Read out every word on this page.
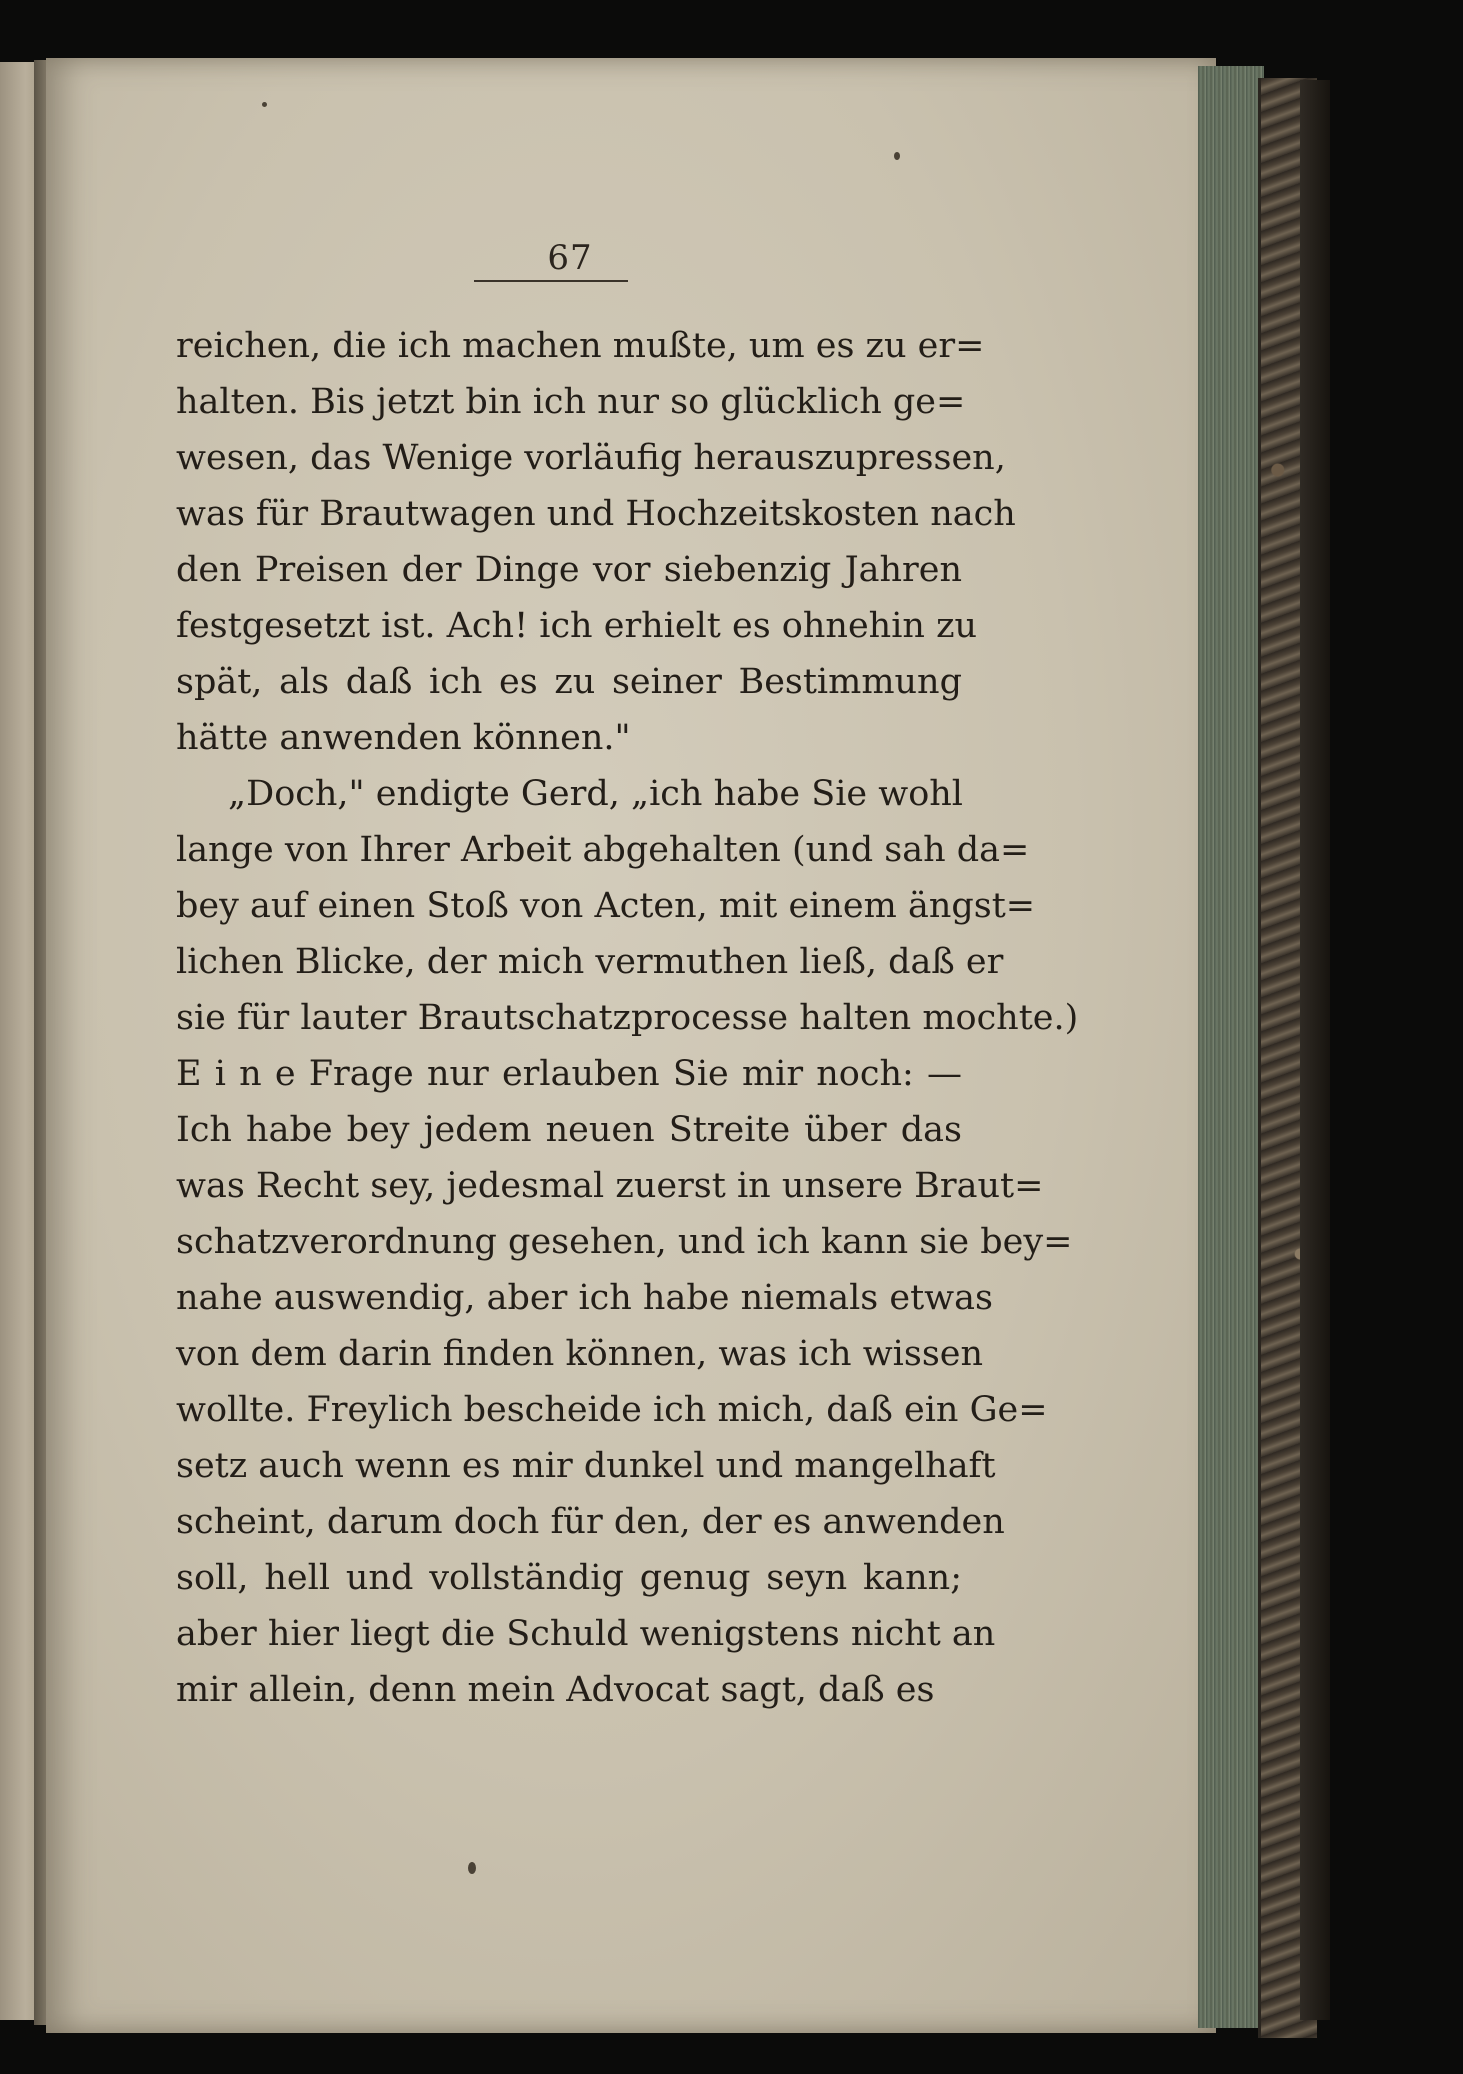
67
reichen, die ich machen mußte, um es zu er=
halten. Bis jetzt bin ich nur so glücklich ge=
wesen, das Wenige vorläufig herauszupressen,
was für Brautwagen und Hochzeitskosten nach
den Preisen der Dinge vor siebenzig Jahren
festgesetzt ist. Ach! ich erhielt es ohnehin zu
spät, als daß ich es zu seiner Bestimmung
hätte anwenden können."
„Doch," endigte Gerd, „ich habe Sie wohl
lange von Ihrer Arbeit abgehalten (und sah da=
bey auf einen Stoß von Acten, mit einem ängst=
lichen Blicke, der mich vermuthen ließ, daß er
sie für lauter Brautschatzprocesse halten mochte.)
E i n e Frage nur erlauben Sie mir noch: —
Ich habe bey jedem neuen Streite über das
was Recht sey, jedesmal zuerst in unsere Braut=
schatzverordnung gesehen, und ich kann sie bey=
nahe auswendig, aber ich habe niemals etwas
von dem darin finden können, was ich wissen
wollte. Freylich bescheide ich mich, daß ein Ge=
setz auch wenn es mir dunkel und mangelhaft
scheint, darum doch für den, der es anwenden
soll, hell und vollständig genug seyn kann;
aber hier liegt die Schuld wenigstens nicht an
mir allein, denn mein Advocat sagt, daß es
